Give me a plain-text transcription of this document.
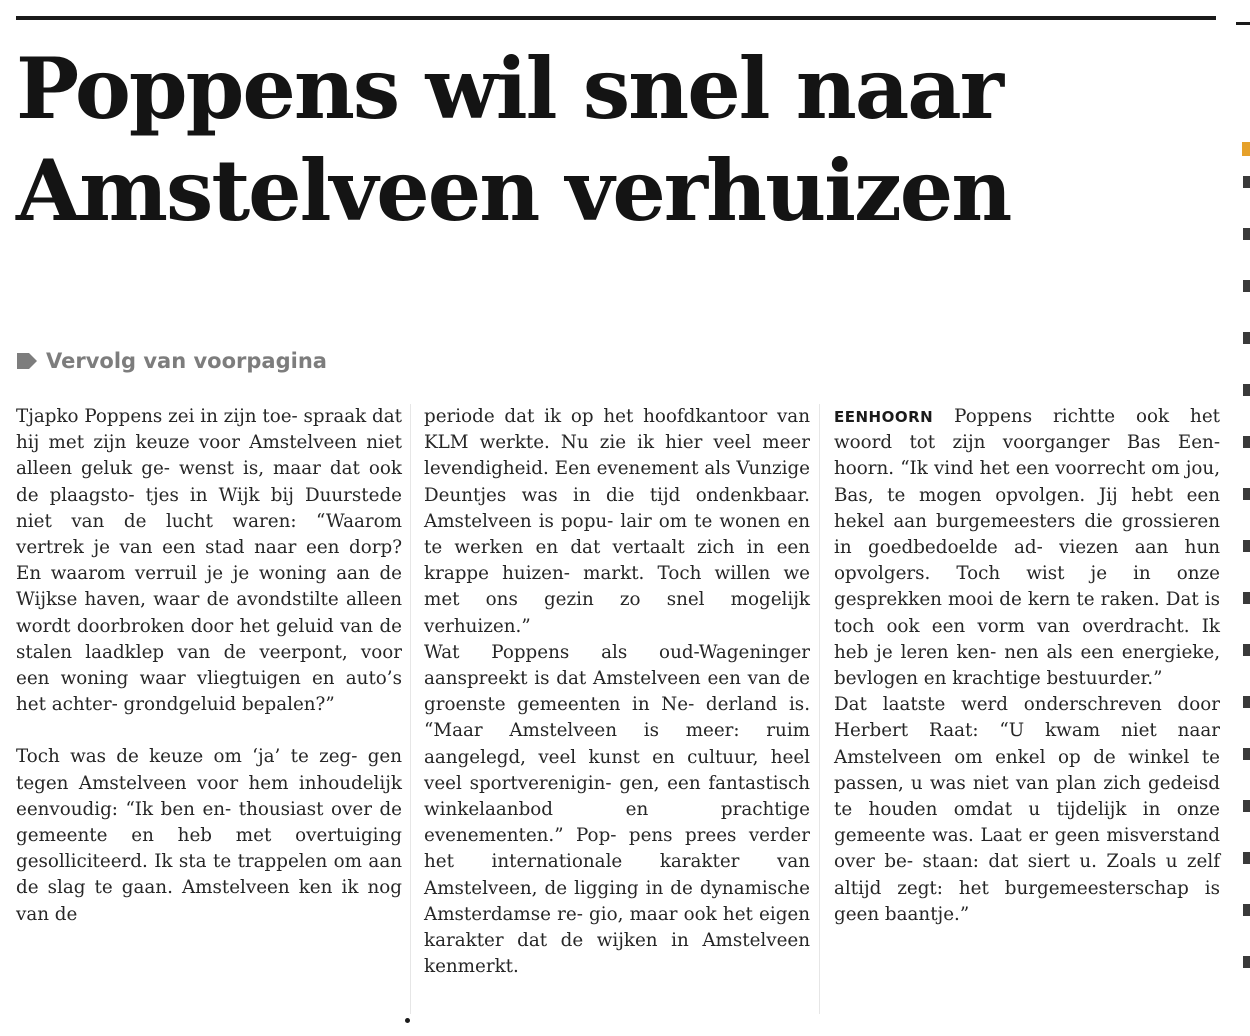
Poppens wil snel naar
Amstelveen verhuizen
Vervolg van voorpagina

Tjapko Poppens zei in zijn toe- spraak dat hij met zijn keuze voor Amstelveen niet alleen geluk ge- wenst is, maar dat ook de plaagsto- tjes in Wijk bij Duurstede niet van de lucht waren: “Waarom vertrek je van een stad naar een dorp? En waarom verruil je je woning aan de Wijkse haven, waar de avondstilte alleen wordt doorbroken door het geluid van de stalen laadklep van de veerpont, voor een woning waar vliegtuigen en auto’s het achter- grondgeluid bepalen?”

Toch was de keuze om ‘ja’ te zeg- gen tegen Amstelveen voor hem inhoudelijk eenvoudig: “Ik ben en- thousiast over de gemeente en heb met overtuiging gesolliciteerd. Ik sta te trappelen om aan de slag te gaan. Amstelveen ken ik nog van de

periode dat ik op het hoofdkantoor van KLM werkte. Nu zie ik hier veel meer levendigheid. Een evenement als Vunzige Deuntjes was in die tijd ondenkbaar. Amstelveen is popu- lair om te wonen en te werken en dat vertaalt zich in een krappe huizen- markt. Toch willen we met ons gezin zo snel mogelijk verhuizen.”

Wat Poppens als oud-Wageninger aanspreekt is dat Amstelveen een van de groenste gemeenten in Ne- derland is. “Maar Amstelveen is meer: ruim aangelegd, veel kunst en cultuur, heel veel sportverenigin- gen, een fantastisch winkelaanbod en prachtige evenementen.” Pop- pens prees verder het internationale karakter van Amstelveen, de ligging in de dynamische Amsterdamse re- gio, maar ook het eigen karakter dat de wijken in Amstelveen kenmerkt.

EENHOORN Poppens richtte ook het woord tot zijn voorganger Bas Een- hoorn. “Ik vind het een voorrecht om jou, Bas, te mogen opvolgen. Jij hebt een hekel aan burgemeesters die grossieren in goedbedoelde ad- viezen aan hun opvolgers. Toch wist je in onze gesprekken mooi de kern te raken. Dat is toch ook een vorm van overdracht. Ik heb je leren ken- nen als een energieke, bevlogen en krachtige bestuurder.”

Dat laatste werd onderschreven door Herbert Raat: “U kwam niet naar Amstelveen om enkel op de winkel te passen, u was niet van plan zich gedeisd te houden omdat u tijdelijk in onze gemeente was. Laat er geen misverstand over be- staan: dat siert u. Zoals u zelf altijd zegt: het burgemeesterschap is geen baantje.”
